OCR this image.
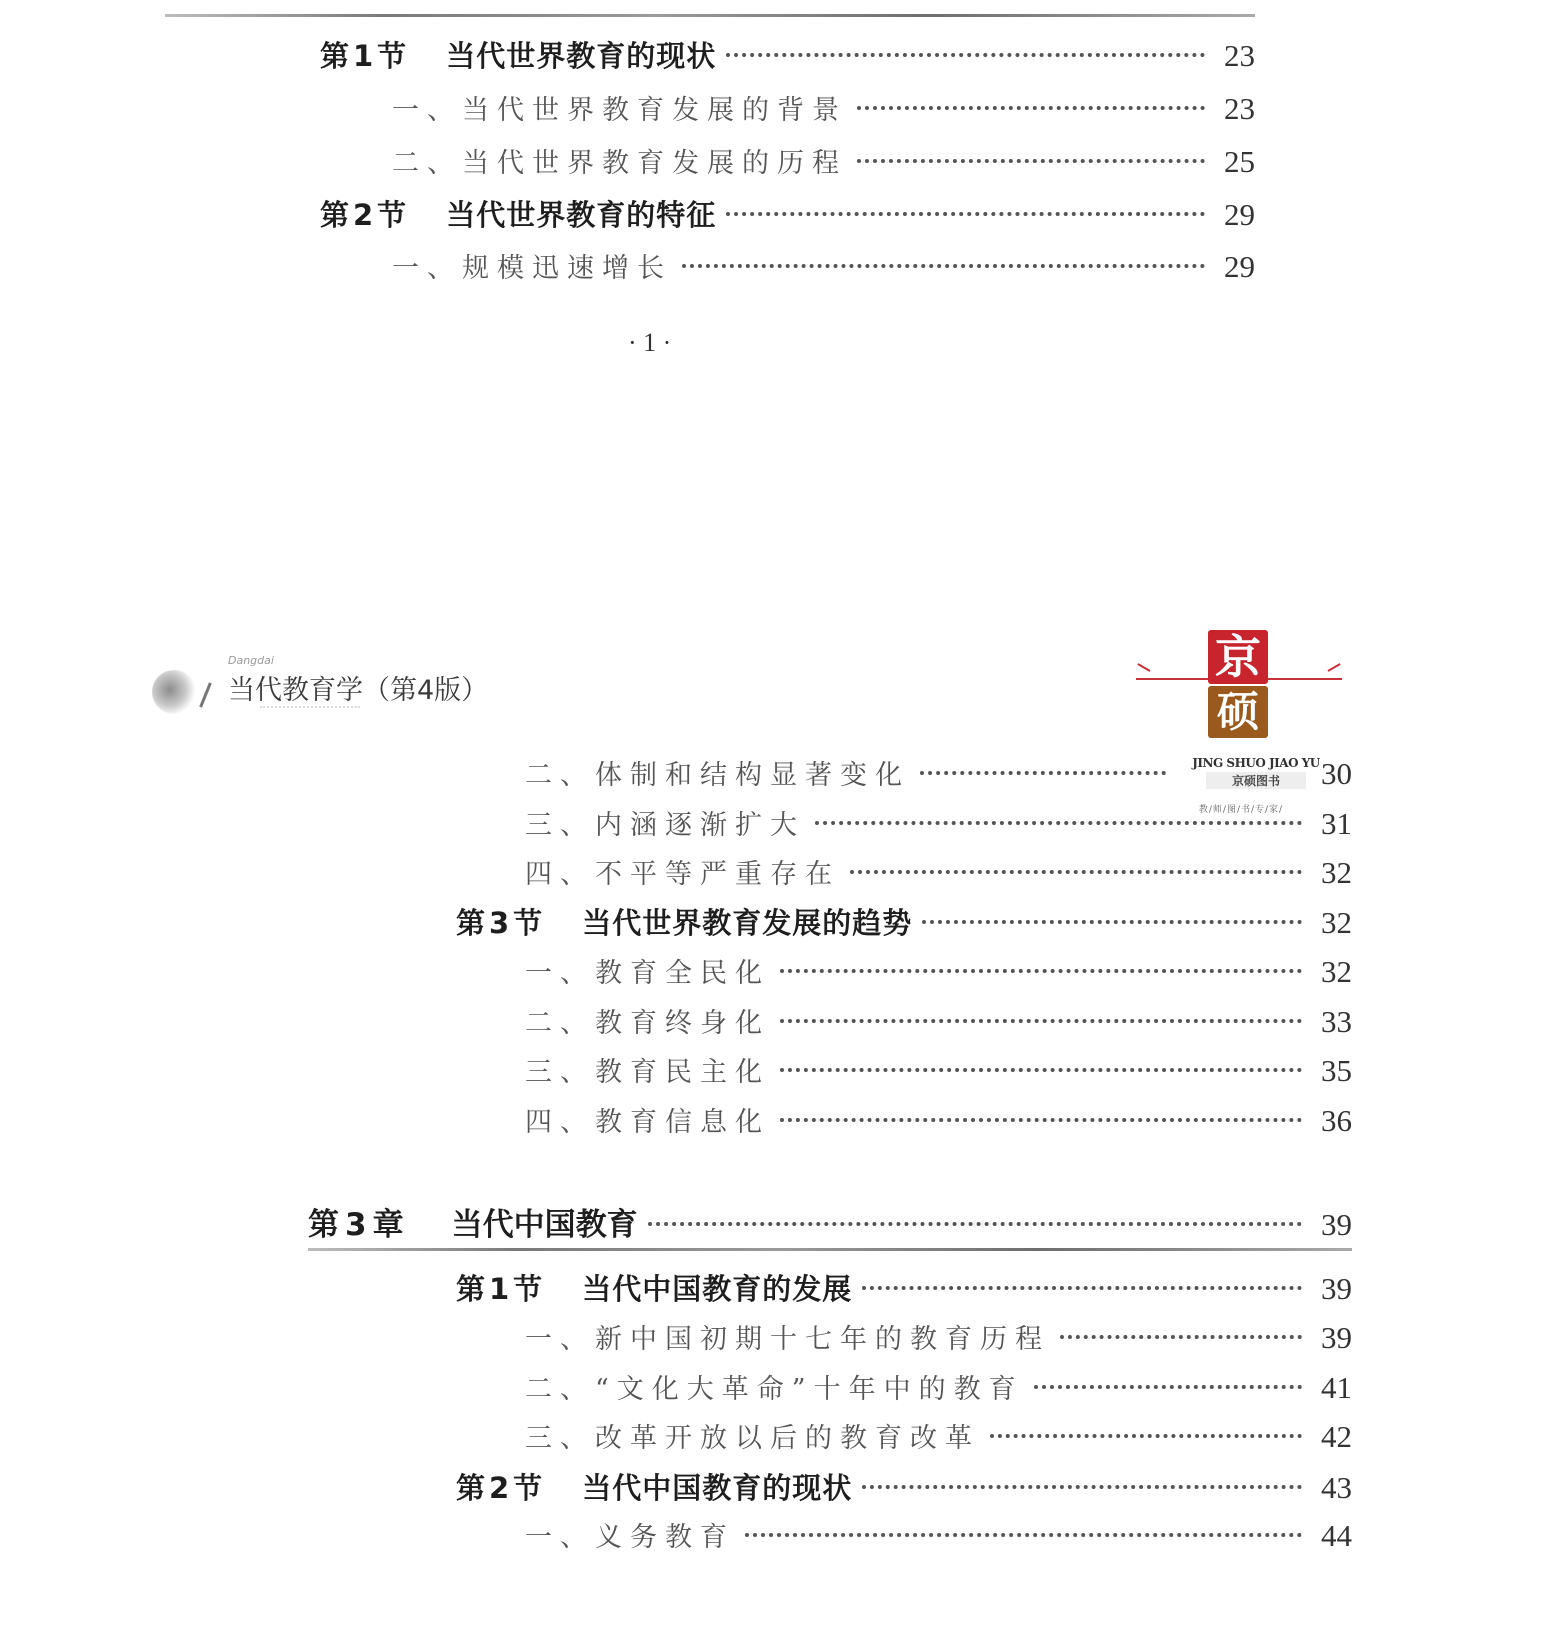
第1节 当代世界教育的现状	23
一、当代世界教育发展的背景	23
二、当代世界教育发展的历程	25
第2节 当代世界教育的特征	29
一、规模迅速增长	29
· 1 ·
Dangdai
当代教育学（第4版）
京
硕
JING SHUO JIAO YU
京硕图书
教/师/图/书/专/家/
二、体制和结构显著变化	30
三、内涵逐渐扩大	31
四、不平等严重存在	32
第3节 当代世界教育发展的趋势	32
一、教育全民化	32
二、教育终身化	33
三、教育民主化	35
四、教育信息化	36
第3章 当代中国教育	39
第1节 当代中国教育的发展	39
一、新中国初期十七年的教育历程	39
二、“文化大革命”十年中的教育	41
三、改革开放以后的教育改革	42
第2节 当代中国教育的现状	43
一、义务教育	44
